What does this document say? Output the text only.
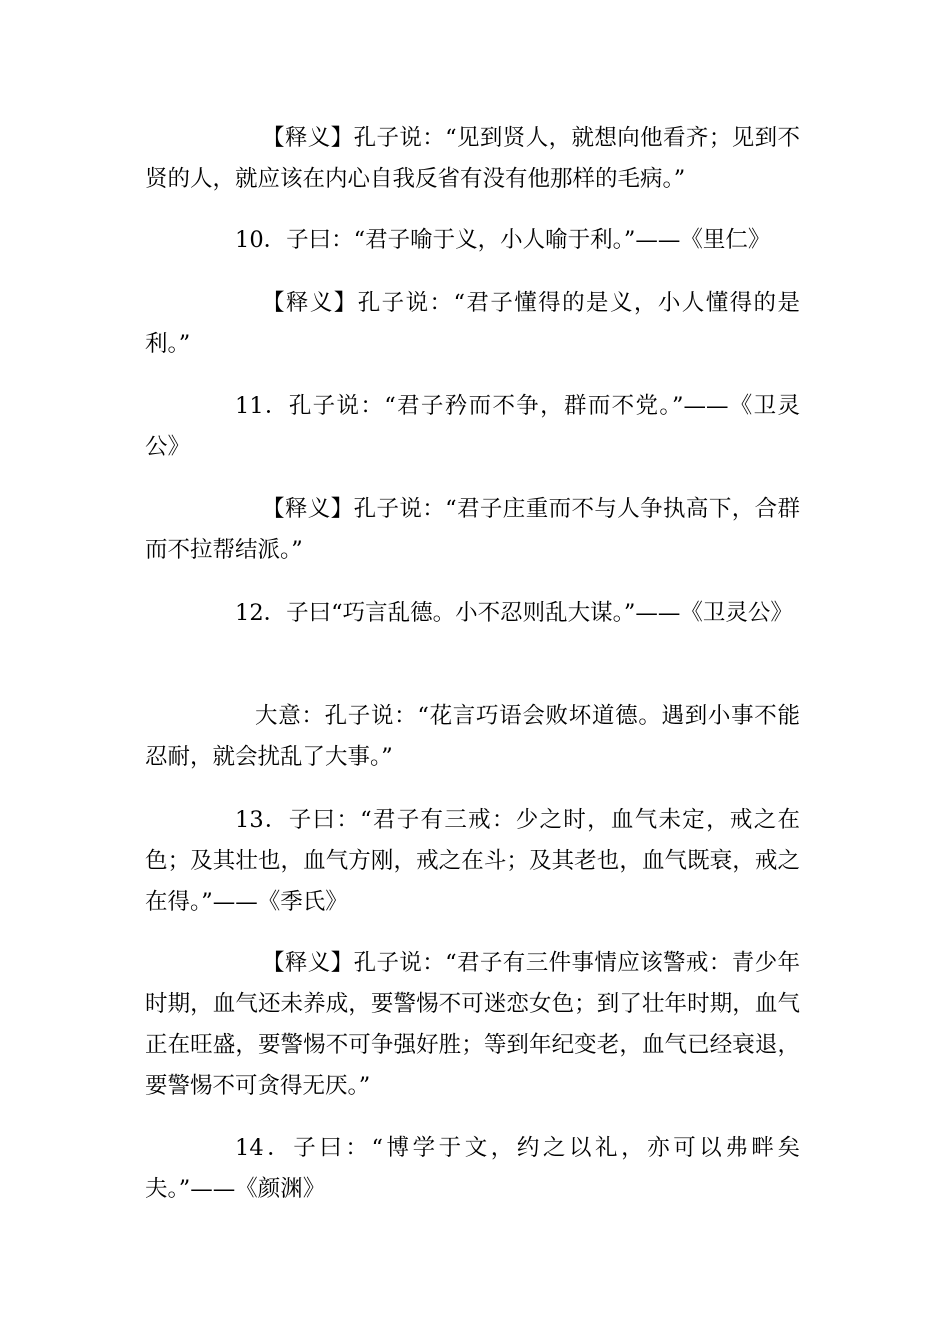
【释义】孔子说：“见到贤人，就想向他看齐；见到不贤的人，就应该在内心自我反省有没有他那样的毛病。”

10．子曰：“君子喻于义，小人喻于利。”——《里仁》

【释义】孔子说：“君子懂得的是义，小人懂得的是利。”

11．孔子说：“君子矜而不争，群而不党。”——《卫灵公》

【释义】孔子说：“君子庄重而不与人争执高下，合群而不拉帮结派。”

12．子曰“巧言乱德。小不忍则乱大谋。”——《卫灵公》

大意：孔子说：“花言巧语会败坏道德。遇到小事不能忍耐，就会扰乱了大事。”

13．子曰：“君子有三戒：少之时，血气未定，戒之在色；及其壮也，血气方刚，戒之在斗；及其老也，血气既衰，戒之在得。”——《季氏》

【释义】孔子说：“君子有三件事情应该警戒：青少年时期，血气还未养成，要警惕不可迷恋女色；到了壮年时期，血气正在旺盛，要警惕不可争强好胜；等到年纪变老，血气已经衰退，要警惕不可贪得无厌。”

14．子曰：“博学于文，约之以礼，亦可以弗畔矣夫。”——《颜渊》
